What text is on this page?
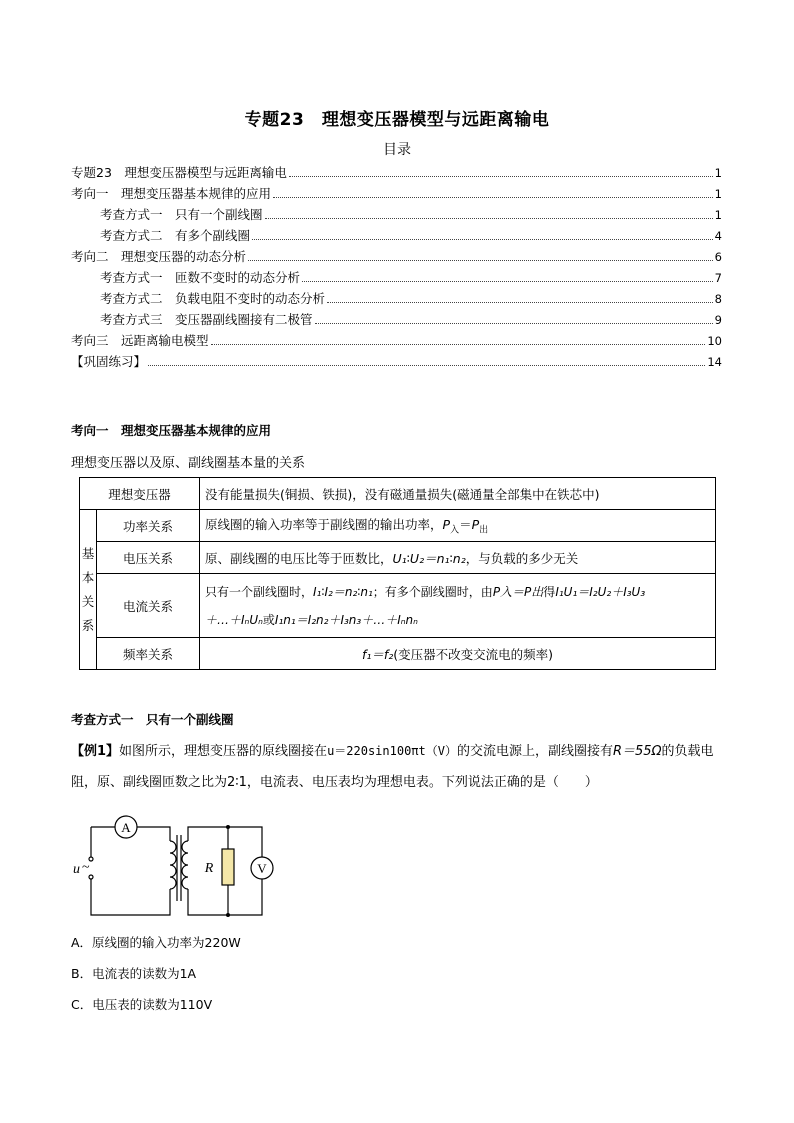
专题23　理想变压器模型与远距离输电
目录
专题23　理想变压器模型与远距离输电	1
考向一　理想变压器基本规律的应用	1
考查方式一　只有一个副线圈	1
考查方式二　有多个副线圈	4
考向二　理想变压器的动态分析	6
考查方式一　匝数不变时的动态分析	7
考查方式二　负载电阻不变时的动态分析	8
考查方式三　变压器副线圈接有二极管	9
考向三　远距离输电模型	10
【巩固练习】	14
考向一　理想变压器基本规律的应用
理想变压器以及原、副线圈基本量的关系
理想变压器		没有能量损失(铜损、铁损)，没有磁通量损失(磁通量全部集中在铁芯中)

基
本
关
系	功率关系	原线圈的输入功率等于副线圈的输出功率，$P_入=P_出$
	电压关系	原、副线圈的电压比等于匝数比，U₁∶U₂＝n₁∶n₂，与负载的多少无关
	电流关系	只有一个副线圈时，I₁∶I₂＝n₂∶n₁；有多个副线圈时，由P入＝P出得I₁U₁＝I₂U₂＋I₃U₃
＋…＋IₙUₙ或I₁n₁＝I₂n₂＋I₃n₃＋…＋Iₙnₙ

	频率关系	f₁＝f₂(变压器不改变交流电的频率)
考查方式一　只有一个副线圈
【例1】如图所示，理想变压器的原线圈接在u＝220sin100πt（V）的交流电源上，副线圈接有R＝55Ω的负载电阻，原、副线圈匝数之比为2∶1，电流表、电压表均为理想电表。下列说法正确的是（　　）
A
V
R
u ~
A．原线圈的输入功率为220W
B．电流表的读数为1A
C．电压表的读数为110V
